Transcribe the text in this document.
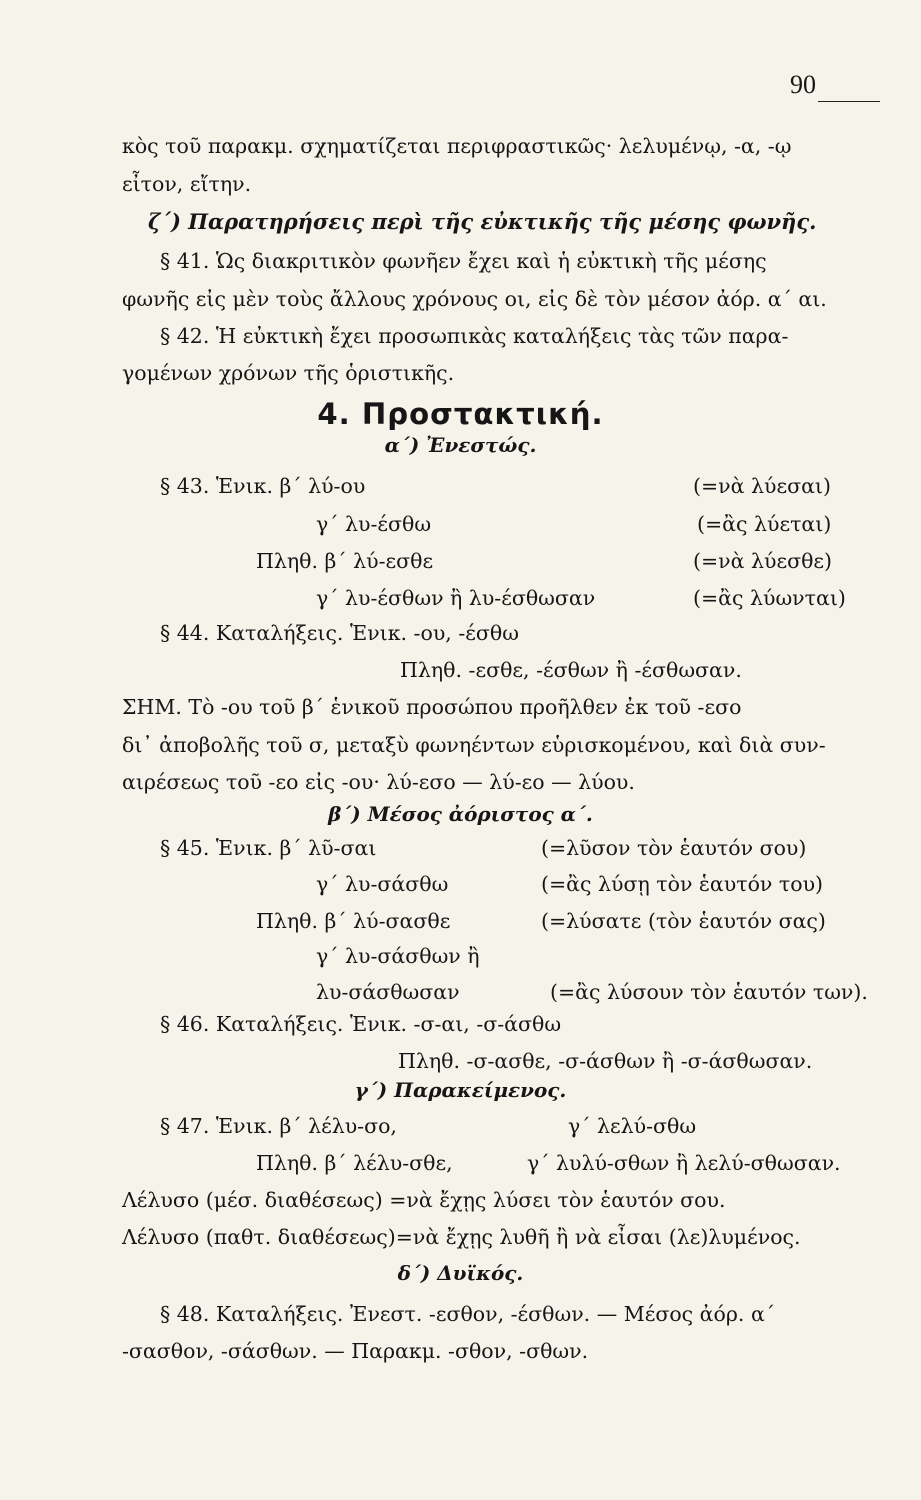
90
κὸς τοῦ παρακμ. σχηματίζεται περιφραστικῶς· λελυμένῳ, -α, -ῳ
εἶτον, εἴτην.
ζ΄) Παρατηρήσεις περὶ τῆς εὐκτικῆς τῆς μέσης φωνῆς.
§ 41. Ὡς διακριτικὸν φωνῆεν ἔχει καὶ ἡ εὐκτικὴ τῆς μέσης
φωνῆς εἰς μὲν τοὺς ἄλλους χρόνους οι, εἰς δὲ τὸν μέσον ἀόρ. α΄ αι.
§ 42. Ἡ εὐκτικὴ ἔχει προσωπικὰς καταλήξεις τὰς τῶν παρα-
γομένων χρόνων τῆς ὁριστικῆς.
4. Προστακτική.
α΄) Ἐνεστώς.
§ 43. Ἑνικ. β΄ λύ-ου	(=νὰ λύεσαι)
γ΄ λυ-έσθω	(=ἂς λύεται)
Πληθ. β΄ λύ-εσθε	(=νὰ λύεσθε)
γ΄ λυ-έσθων ἢ λυ-έσθωσαν	(=ἂς λύωνται)
§ 44. Καταλήξεις. Ἑνικ. -ου, -έσθω
Πληθ. -εσθε, -έσθων ἢ -έσθωσαν.
ΣΗΜ. Τὸ -ου τοῦ β΄ ἑνικοῦ προσώπου προῆλθεν ἐκ τοῦ -εσο
δι᾽ ἀποβολῆς τοῦ σ, μεταξὺ φωνηέντων εὑρισκομένου, καὶ διὰ συν-
αιρέσεως τοῦ -εο εἰς -ου· λύ-εσο — λύ-εο — λύου.
β΄) Μέσος ἀόριστος α΄.
§ 45. Ἑνικ. β΄ λῦ-σαι	(=λῦσον τὸν ἑαυτόν σου)
γ΄ λυ-σάσθω	(=ἂς λύσῃ τὸν ἑαυτόν του)
Πληθ. β΄ λύ-σασθε	(=λύσατε (τὸν ἑαυτόν σας)
γ΄ λυ-σάσθων ἢ
λυ-σάσθωσαν	(=ἂς λύσουν τὸν ἑαυτόν των).
§ 46. Καταλήξεις. Ἑνικ. -σ-αι, -σ-άσθω
Πληθ. -σ-ασθε, -σ-άσθων ἢ -σ-άσθωσαν.
γ΄) Παρακείμενος.
§ 47. Ἑνικ. β΄ λέλυ-σο,	γ΄ λελύ-σθω
Πληθ. β΄ λέλυ-σθε,	γ΄ λυλύ-σθων ἢ λελύ-σθωσαν.
Λέλυσο (μέσ. διαθέσεως) =νὰ ἔχῃς λύσει τὸν ἑαυτόν σου.
Λέλυσο (παθτ. διαθέσεως)=νὰ ἔχῃς λυθῆ ἢ νὰ εἶσαι (λε)λυμένος.
δ΄) Δυϊκός.
§ 48. Καταλήξεις. Ἐνεστ. -εσθον, -έσθων. — Μέσος ἀόρ. α΄
-σασθον, -σάσθων. — Παρακμ. -σθον, -σθων.
